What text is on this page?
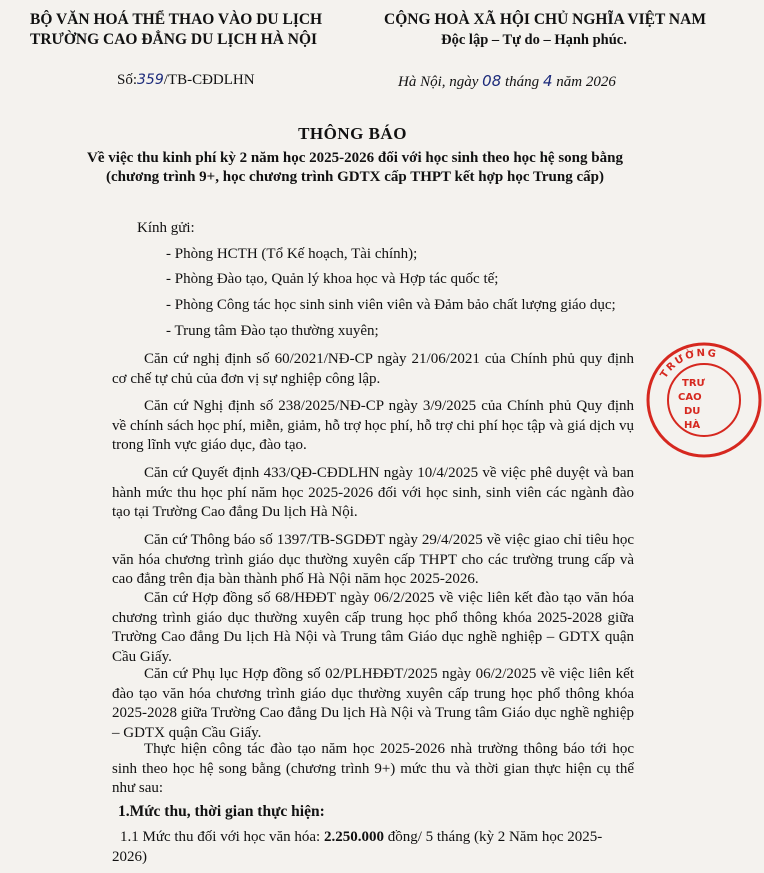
BỘ VĂN HOÁ THỂ THAO VÀO DU LỊCH
TRƯỜNG CAO ĐẲNG DU LỊCH HÀ NỘI
CỘNG HOÀ XÃ HỘI CHỦ NGHĨA VIỆT NAM
Độc lập – Tự do – Hạnh phúc.
Số:359/TB-CĐDLHN	Hà Nội, ngày 08 tháng 4 năm 2026
THÔNG BÁO
Về việc thu kinh phí kỳ 2 năm học 2025-2026 đối với học sinh theo học hệ song bằng (chương trình 9+, học chương trình GDTX cấp THPT kết hợp học Trung cấp)
Kính gửi:
- Phòng HCTH (Tổ Kế hoạch, Tài chính);
- Phòng Đào tạo, Quản lý khoa học và Hợp tác quốc tế;
- Phòng Công tác học sinh sinh viên viên và Đảm bảo chất lượng giáo dục;
- Trung tâm Đào tạo thường xuyên;
Căn cứ nghị định số 60/2021/NĐ-CP ngày 21/06/2021 của Chính phủ quy định cơ chế tự chủ của đơn vị sự nghiệp công lập.
Căn cứ Nghị định số 238/2025/NĐ-CP ngày 3/9/2025 của Chính phủ Quy định về chính sách học phí, miễn, giảm, hỗ trợ học phí, hỗ trợ chi phí học tập và giá dịch vụ trong lĩnh vực giáo dục, đào tạo.
Căn cứ Quyết định 433/QĐ-CĐDLHN ngày 10/4/2025 về việc phê duyệt và ban hành mức thu học phí năm học 2025-2026 đối với học sinh, sinh viên các ngành đào tạo tại Trường Cao đẳng Du lịch Hà Nội.
Căn cứ Thông báo số 1397/TB-SGDĐT ngày 29/4/2025 về việc giao chỉ tiêu học văn hóa chương trình giáo dục thường xuyên cấp THPT cho các trường trung cấp và cao đẳng trên địa bàn thành phố Hà Nội năm học 2025-2026.
Căn cứ Hợp đồng số 68/HĐĐT ngày 06/2/2025 về việc liên kết đào tạo văn hóa chương trình giáo dục thường xuyên cấp trung học phổ thông khóa 2025-2028 giữa Trường Cao đẳng Du lịch Hà Nội và Trung tâm Giáo dục nghề nghiệp – GDTX quận Cầu Giấy.
Căn cứ Phụ lục Hợp đồng số 02/PLHĐĐT/2025 ngày 06/2/2025 về việc liên kết đào tạo văn hóa chương trình giáo dục thường xuyên cấp trung học phổ thông khóa 2025-2028 giữa Trường Cao đẳng Du lịch Hà Nội và Trung tâm Giáo dục nghề nghiệp – GDTX quận Cầu Giấy.
Thực hiện công tác đào tạo năm học 2025-2026 nhà trường thông báo tới học sinh theo học hệ song bằng (chương trình 9+) mức thu và thời gian thực hiện cụ thể như sau:
1.Mức thu, thời gian thực hiện:
1.1 Mức thu đối với học văn hóa: 2.250.000 đồng/ 5 tháng (kỳ 2 Năm học 2025-2026)
TRƯỜNG
TRƯ
CAO
DU
HÀ
